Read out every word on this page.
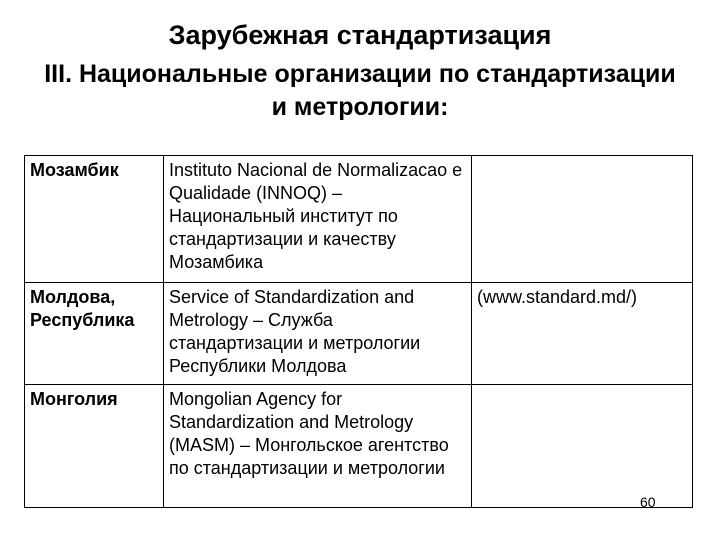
Зарубежная стандартизация
III. Национальные организации по стандартизации и метрологии:
Мозамбик	Instituto Nacional de Normalizacao e Qualidade (INNOQ) – Национальный институт по стандартизации и качеству Мозамбика	
Молдова,
Республика	Service of Standardization and Metrology – Служба стандартизации и метрологии Республики Молдова	(www.standard.md/)
Монголия	Mongolian Agency for Standardization and Metrology (MASM) – Монгольское агентство по стандартизации и метрологии	
60
